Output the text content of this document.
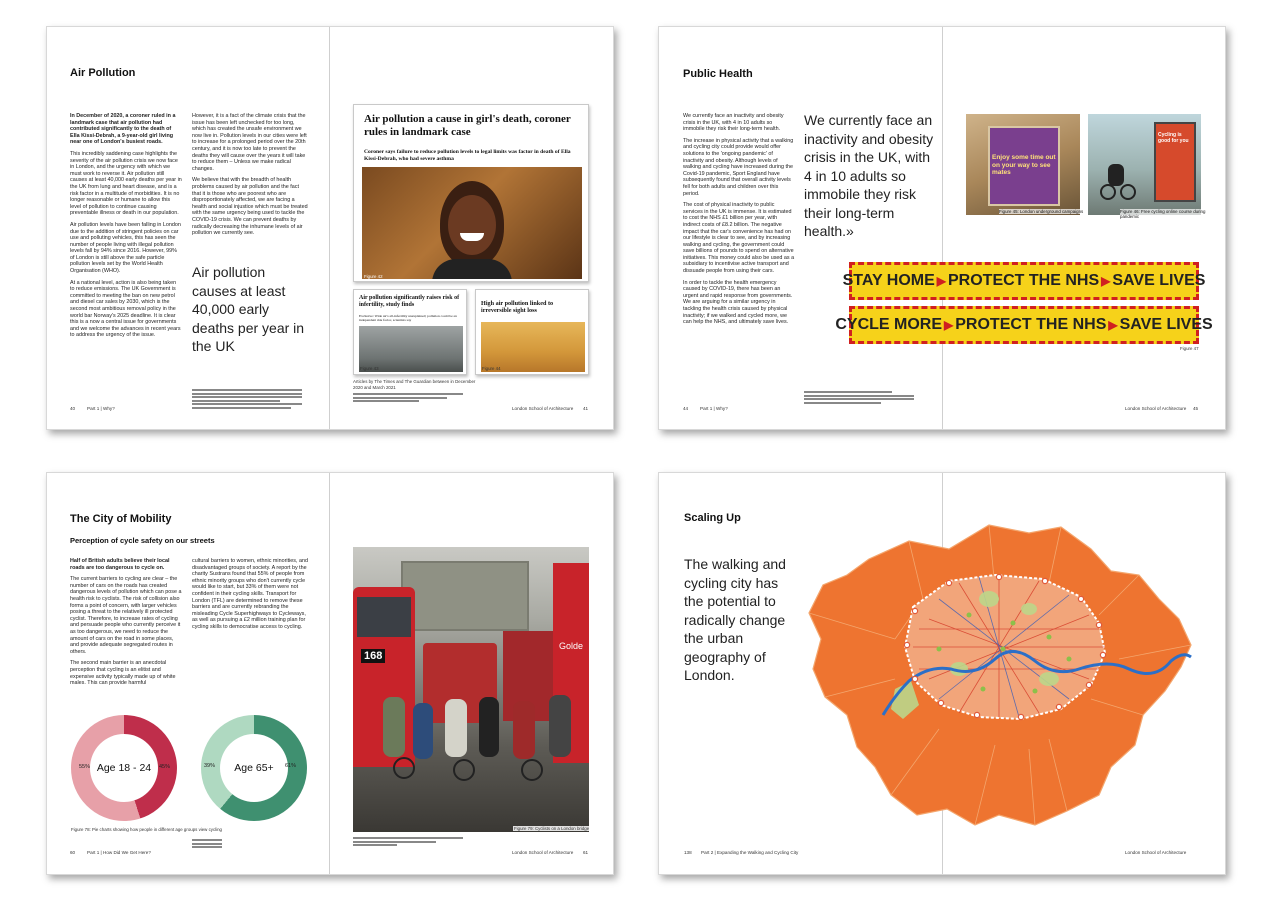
Air Pollution

In December of 2020, a coroner ruled in a landmark case that air pollution had contributed significantly to the death of Ella Kissi-Debrah, a 9-year-old girl living near one of London's busiest roads.

This incredibly saddening case highlights the severity of the air pollution crisis we now face in London, and the urgency with which we must work to reverse it. Air pollution still causes at least 40,000 early deaths per year in the UK from lung and heart disease, and is a risk factor in a multitude of morbidities. It is no longer reasonable or humane to allow this level of pollution to continue causing preventable illness or death in our population.

Air pollution levels have been falling in London due to the addition of stringent policies on car use and polluting vehicles, this has seen the number of people living with illegal pollution levels fall by 94% since 2016. However, 99% of London is still above the safe particle pollution levels set by the World Health Organisation (WHO).

At a national level, action is also being taken to reduce emissions. The UK Government is committed to meeting the ban on new petrol and diesel car sales by 2030, which is the second most ambitious removal policy in the world bar Norway's 2025 deadline. It is clear this is a now a central issue for governments and we welcome the advances in recent years to address the urgency of the issue.

However, it is a fact of the climate crisis that the issue has been left unchecked for too long, which has created the unsafe environment we now live in. Pollution levels in our cities were left to increase for a prolonged period over the 20th century, and it is now too late to prevent the deaths they will cause over the years it will take to reduce them – Unless we make radical changes.

We believe that with the breadth of health problems caused by air pollution and the fact that it is those who are poorest who are disproportionately affected, we are facing a health and social injustice which must be treated with the same urgency being used to tackle the COVID-19 crisis. We can prevent deaths by radically decreasing the inhumane levels of air pollution we currently see.

Air pollution causes at least 40,000 early deaths per year in the UK
40	Part 1 | Why?	London School of Architecture 41
Air pollution a cause in girl's death, coroner rules in landmark case
Coroner says failure to reduce pollution levels to legal limits was factor in death of Ella Kissi-Debrah, who had severe asthma
Figure 42
Air pollution significantly raises risk of infertility, study finds
Exclusive: Wide air's all-infertility unexplained; pollution could be an independent risk factor, scientists say
Figure 43
High air pollution linked to irreversible sight loss
Figure 44
Articles by The Times and The Guardian between in December 2020 and March 2021
Public Health

We currently face an inactivity and obesity crisis in the UK, with 4 in 10 adults so immobile they risk their long-term health.

The increase in physical activity that a walking and cycling city could provide would offer solutions to the 'ongoing pandemic' of inactivity and obesity. Although levels of walking and cycling have increased during the Covid-19 pandemic, Sport England have subsequently found that overall activity levels fell for both adults and children over this period.

The cost of physical inactivity to public services in the UK is immense. It is estimated to cost the NHS £1 billion per year, with indirect costs of £8.2 billion. The negative impact that the car's convenience has had on our lifestyle is clear to see, and by increasing walking and cycling, the government could save billions of pounds to spend on alternative initiatives. This money could also be used as a subsidiary to incentivise active transport and dissuade people from using their cars.

In order to tackle the health emergency caused by COVID-19, there has been an urgent and rapid response from governments. We are arguing for a similar urgency in tackling the health crisis caused by physical inactivity; if we walked and cycled more, we can help the NHS, and ultimately save lives.

We currently face an inactivity and obesity crisis in the UK, with 4 in 10 adults so immobile they risk their long-term health.»
Enjoy some time out on your way to see mates
Figure 45: London underground campaigns
Cycling is good for you
Figure 46: Free cycling online course during pandemic
STAY HOME ▶ PROTECT THE NHS ▶ SAVE LIVES
CYCLE MORE ▶ PROTECT THE NHS ▶ SAVE LIVES
Figure 47
44	Part 1 | Why?	London School of Architecture 45
The City of Mobility
Perception of cycle safety on our streets

Half of British adults believe their local roads are too dangerous to cycle on.

The current barriers to cycling are clear – the number of cars on the roads has created dangerous levels of pollution which can pose a health risk to cyclists. The risk of collision also forms a point of concern, with larger vehicles posing a threat to the relatively ill protected cyclist. Therefore, to increase rates of cycling and persuade people who currently perceive it as too dangerous, we need to reduce the amount of cars on the road in some places, and provide adequate segregated routes in others.

The second main barrier is an anecdotal perception that cycling is an elitist and expensive activity typically made up of white males. This can provide harmful

cultural barriers to women, ethnic minorities, and disadvantaged groups of society. A report by the charity Sustrans found that 55% of people from ethnic minority groups who don't currently cycle would like to start, but 33% of them were not confident in their cycling skills. Transport for London (TFL) are determined to remove these barriers and are currently rebranding the misleading Cycle Superhighways to Cycleways, as well as pursuing a £2 million training plan for cycling skills to democratise access to cycling.

Age 18 - 24
55%	45%	Age 65+
39%	61%
Figure 78: Pie charts showing how people in different age groups view cycling
168
Golde
Figure 79: Cyclists on a London bridge
60	Part 1 | How Did We Get Here?	London School of Architecture 61
Scaling Up
The walking and cycling city has the potential to radically change the urban geography of London.
138 Part 2 | Expanding the Walking and Cycling City	London School of Architecture
